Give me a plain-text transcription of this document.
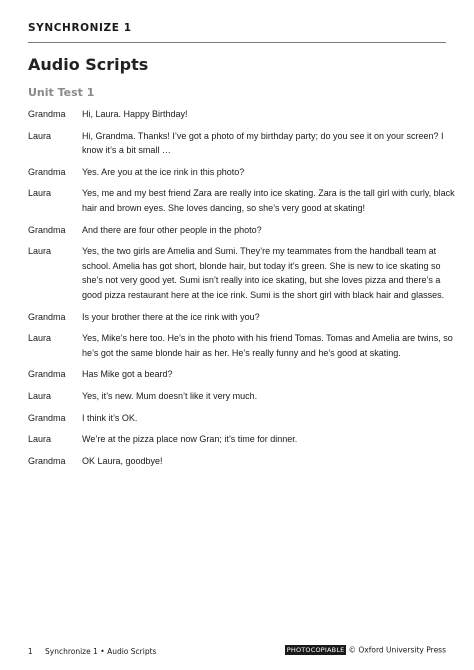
SYNCHRONIZE 1
Audio Scripts
Unit Test 1
Grandma	Hi, Laura. Happy Birthday!
Laura	Hi, Grandma. Thanks! I’ve got a photo of my birthday party; do you see it on your screen? I know it’s a bit small …
Grandma	Yes. Are you at the ice rink in this photo?
Laura	Yes, me and my best friend Zara are really into ice skating. Zara is the tall girl with curly, black hair and brown eyes. She loves dancing, so she’s very good at skating!
Grandma	And there are four other people in the photo?
Laura	Yes, the two girls are Amelia and Sumi. They’re my teammates from the handball team at school. Amelia has got short, blonde hair, but today it’s green. She is new to ice skating so she’s not very good yet. Sumi isn’t really into ice skating, but she loves pizza and there’s a good pizza restaurant here at the ice rink. Sumi is the short girl with black hair and glasses.
Grandma	Is your brother there at the ice rink with you?
Laura	Yes, Mike’s here too. He’s in the photo with his friend Tomas. Tomas and Amelia are twins, so he’s got the same blonde hair as her. He’s really funny and he’s good at skating.
Grandma	Has Mike got a beard?
Laura	Yes, it’s new. Mum doesn’t like it very much.
Grandma	I think it’s OK.
Laura	We’re at the pizza place now Gran; it’s time for dinner.
Grandma	OK Laura, goodbye!
1 Synchronize 1 • Audio Scripts	PHOTOCOPIABLE © Oxford University Press
